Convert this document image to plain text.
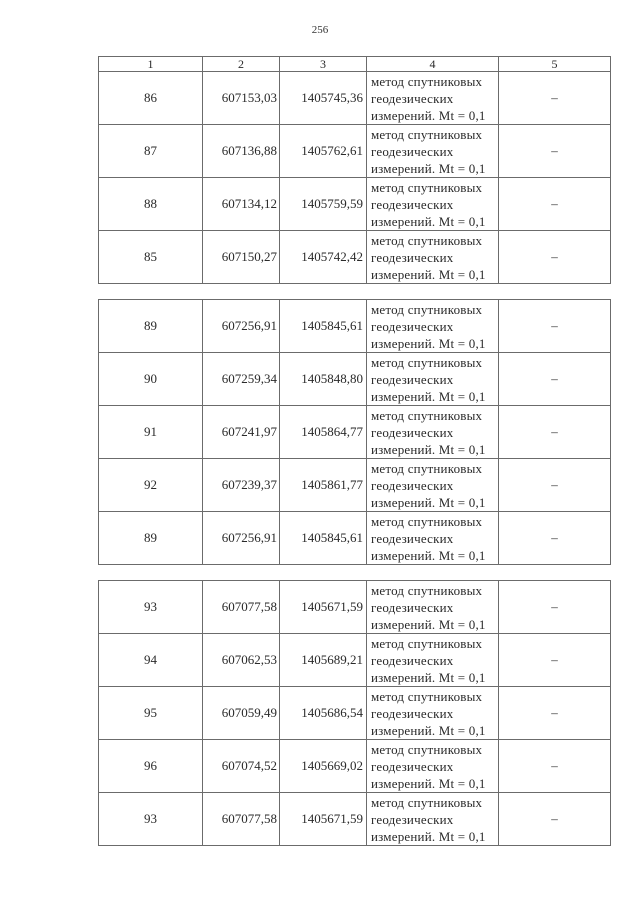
256
1	2	3	4	5
86	607153,03	1405745,36	метод спутниковых
геодезических
измерений. Mt = 0,1	–
87	607136,88	1405762,61	метод спутниковых
геодезических
измерений. Mt = 0,1	–
88	607134,12	1405759,59	метод спутниковых
геодезических
измерений. Mt = 0,1	–
85	607150,27	1405742,42	метод спутниковых
геодезических
измерений. Mt = 0,1	–

89	607256,91	1405845,61	метод спутниковых
геодезических
измерений. Mt = 0,1	–
90	607259,34	1405848,80	метод спутниковых
геодезических
измерений. Mt = 0,1	–
91	607241,97	1405864,77	метод спутниковых
геодезических
измерений. Mt = 0,1	–
92	607239,37	1405861,77	метод спутниковых
геодезических
измерений. Mt = 0,1	–
89	607256,91	1405845,61	метод спутниковых
геодезических
измерений. Mt = 0,1	–

93	607077,58	1405671,59	метод спутниковых
геодезических
измерений. Mt = 0,1	–
94	607062,53	1405689,21	метод спутниковых
геодезических
измерений. Mt = 0,1	–
95	607059,49	1405686,54	метод спутниковых
геодезических
измерений. Mt = 0,1	–
96	607074,52	1405669,02	метод спутниковых
геодезических
измерений. Mt = 0,1	–
93	607077,58	1405671,59	метод спутниковых
геодезических
измерений. Mt = 0,1	–
